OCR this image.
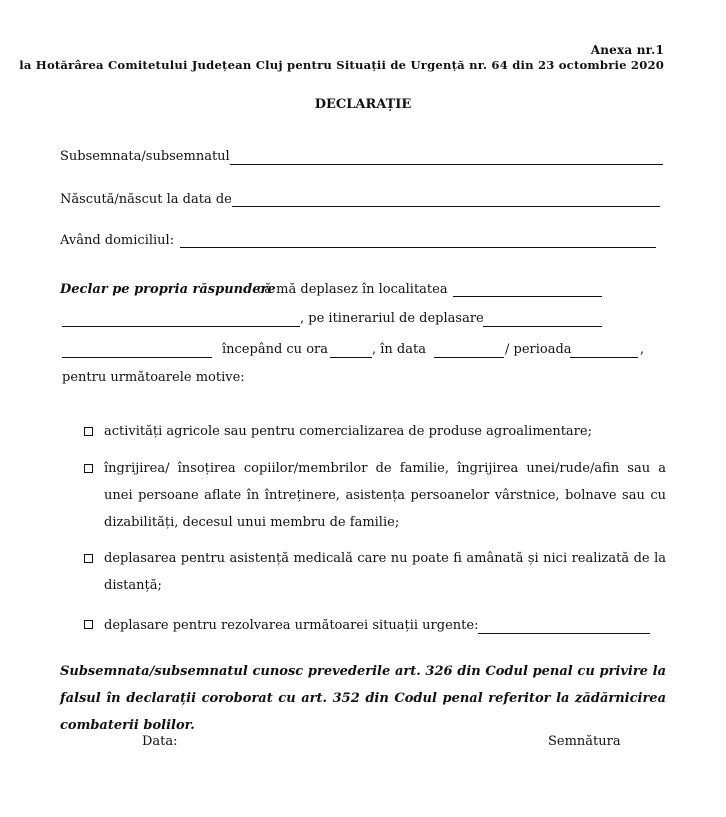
Anexa nr.1
la Hotărârea Comitetului Județean Cluj pentru Situații de Urgență nr. 64 din 23 octombrie 2020
DECLARAȚIE
Subsemnata/subsemnatul
Născută/născut la data de
Având domiciliul:
Declar pe propria răspundere
că mă deplasez în localitatea
, pe itinerariul de deplasare
începând cu ora	, în data	/ perioada	,
pentru următoarele motive:
activități agricole sau pentru comercializarea de produse agroalimentare;
îngrijirea/ însoțirea copiilor/membrilor de familie, îngrijirea unei/rude/afin sau a unei persoane aflate în întreținere, asistența persoanelor vârstnice, bolnave sau cu dizabilități, decesul unui membru de familie;
deplasarea pentru asistență medicală care nu poate fi amânată și nici realizată de la distanță;
deplasare pentru rezolvarea următoarei situații urgente:
Subsemnata/subsemnatul cunosc prevederile art. 326 din Codul penal cu privire la falsul în declarații coroborat cu art. 352 din Codul penal referitor la zădărnicirea combaterii bolilor.
Data:	Semnătura
